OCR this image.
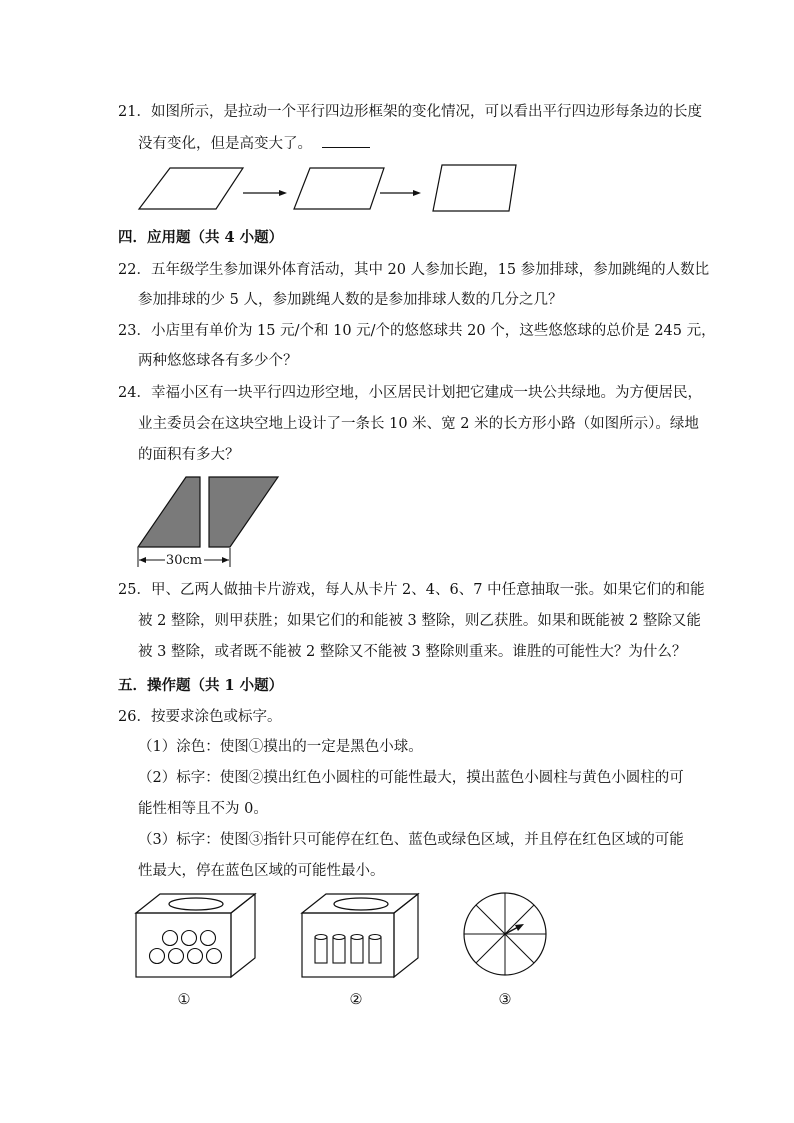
21．如图所示，是拉动一个平行四边形框架的变化情况，可以看出平行四边形每条边的长度
没有变化，但是高变大了。
四．应用题（共 4 小题）
22．五年级学生参加课外体育活动，其中 20 人参加长跑，15 参加排球，参加跳绳的人数比
参加排球的少 5 人，参加跳绳人数的是参加排球人数的几分之几？
23．小店里有单价为 15 元/个和 10 元/个的悠悠球共 20 个，这些悠悠球的总价是 245 元，
两种悠悠球各有多少个？
24．幸福小区有一块平行四边形空地，小区居民计划把它建成一块公共绿地。为方便居民，
业主委员会在这块空地上设计了一条长 10 米、宽 2 米的长方形小路（如图所示）。绿地
的面积有多大？
30cm
25．甲、乙两人做抽卡片游戏，每人从卡片 2、4、6、7 中任意抽取一张。如果它们的和能
被 2 整除，则甲获胜；如果它们的和能被 3 整除，则乙获胜。如果和既能被 2 整除又能
被 3 整除，或者既不能被 2 整除又不能被 3 整除则重来。谁胜的可能性大？为什么？
五．操作题（共 1 小题）
26．按要求涂色或标字。
（1）涂色：使图①摸出的一定是黑色小球。
（2）标字：使图②摸出红色小圆柱的可能性最大，摸出蓝色小圆柱与黄色小圆柱的可
能性相等且不为 0。
（3）标字：使图③指针只可能停在红色、蓝色或绿色区域，并且停在红色区域的可能
性最大，停在蓝色区域的可能性最小。
①	②	③
